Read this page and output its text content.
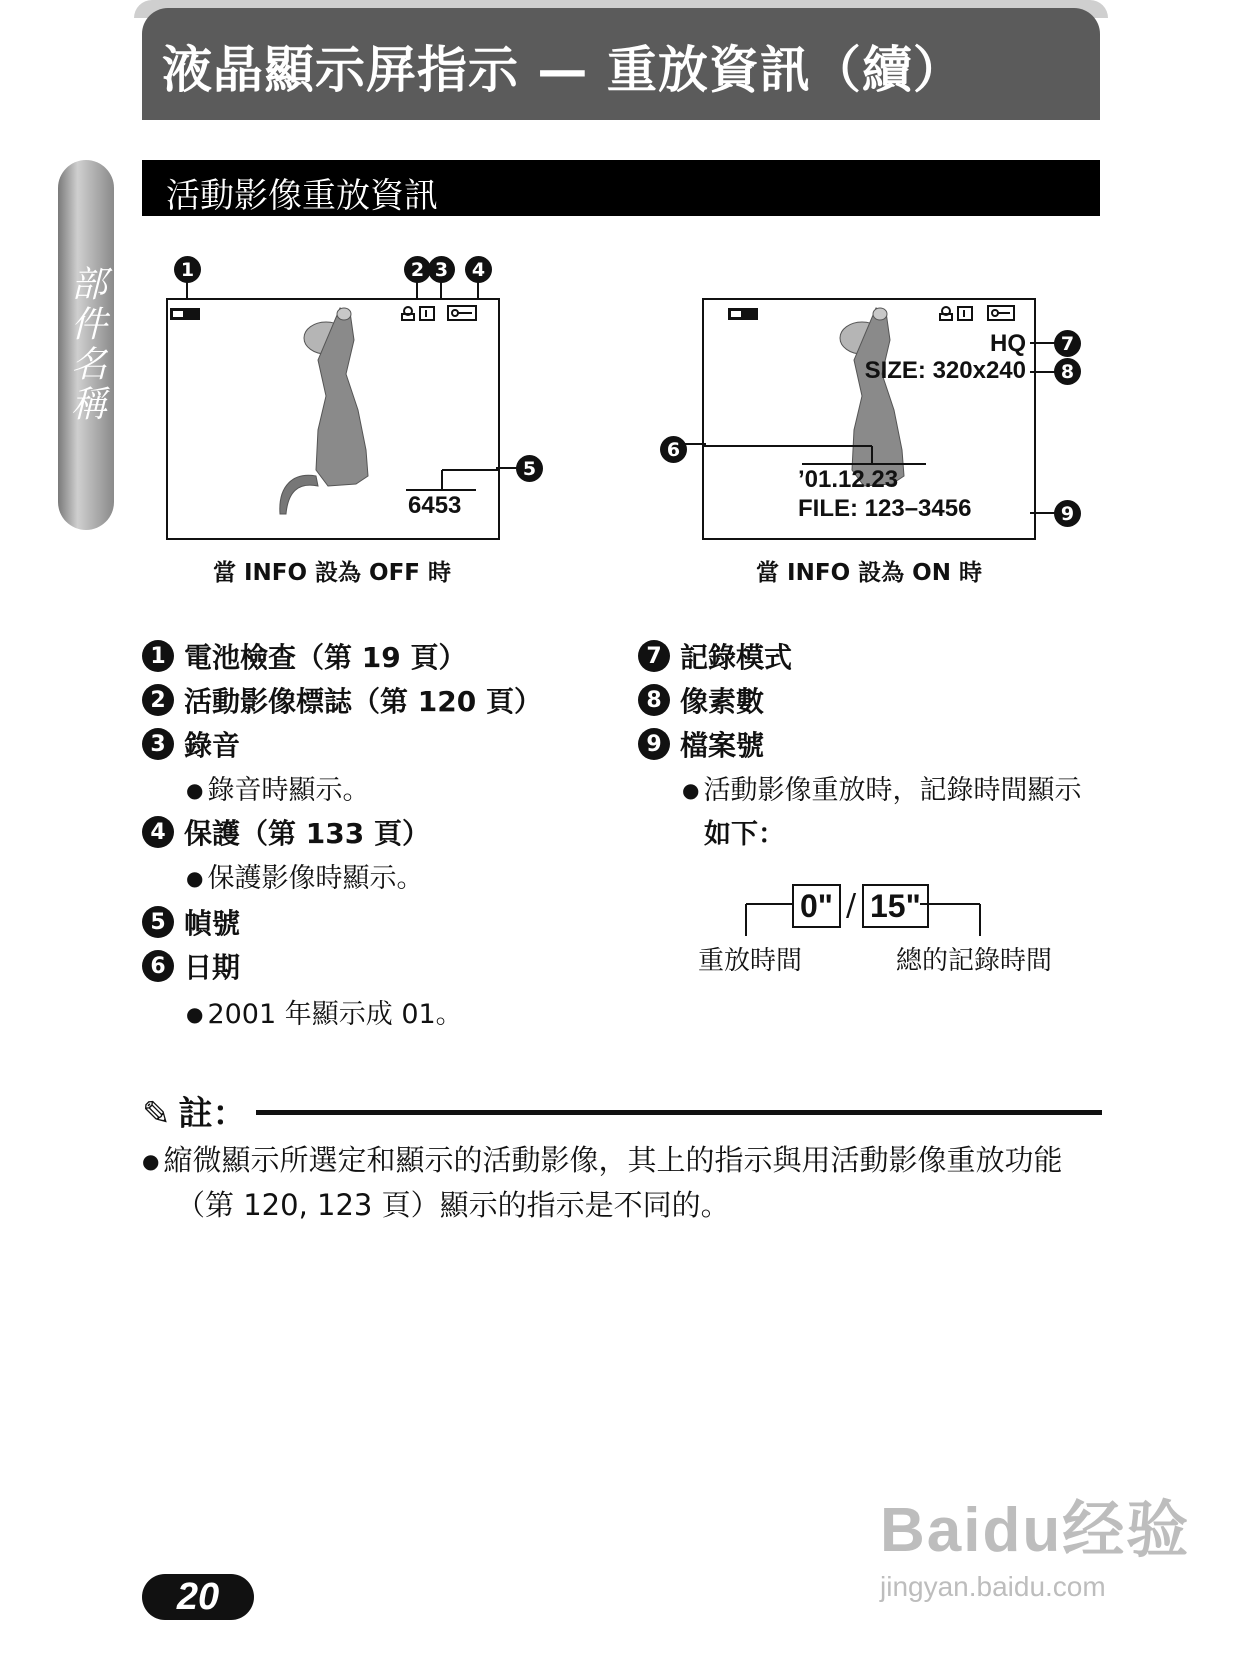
液晶顯示屏指示 — 重放資訊（續）
部件名稱
活動影像重放資訊
1	2 3	4
6453
5
當 INFO 設為 OFF 時
HQ
SIZE: 320x240
’01.12.23
FILE: 123–3456
6
7
8
9
當 INFO 設為 ON 時
1 電池檢查（第 19 頁）
2 活動影像標誌（第 120 頁）
3 錄音
● 錄音時顯示。
4 保護（第 133 頁）
● 保護影像時顯示。
5 幀號
6 日期
● 2001 年顯示成 01。
7 記錄模式
8 像素數
9 檔案號
● 活動影像重放時，記錄時間顯示
如下：
0" / 15"
重放時間	總的記錄時間
✎ 註：
● 縮微顯示所選定和顯示的活動影像，其上的指示與用活動影像重放功能
（第 120, 123 頁）顯示的指示是不同的。
20
Baidu经验
jingyan.baidu.com
